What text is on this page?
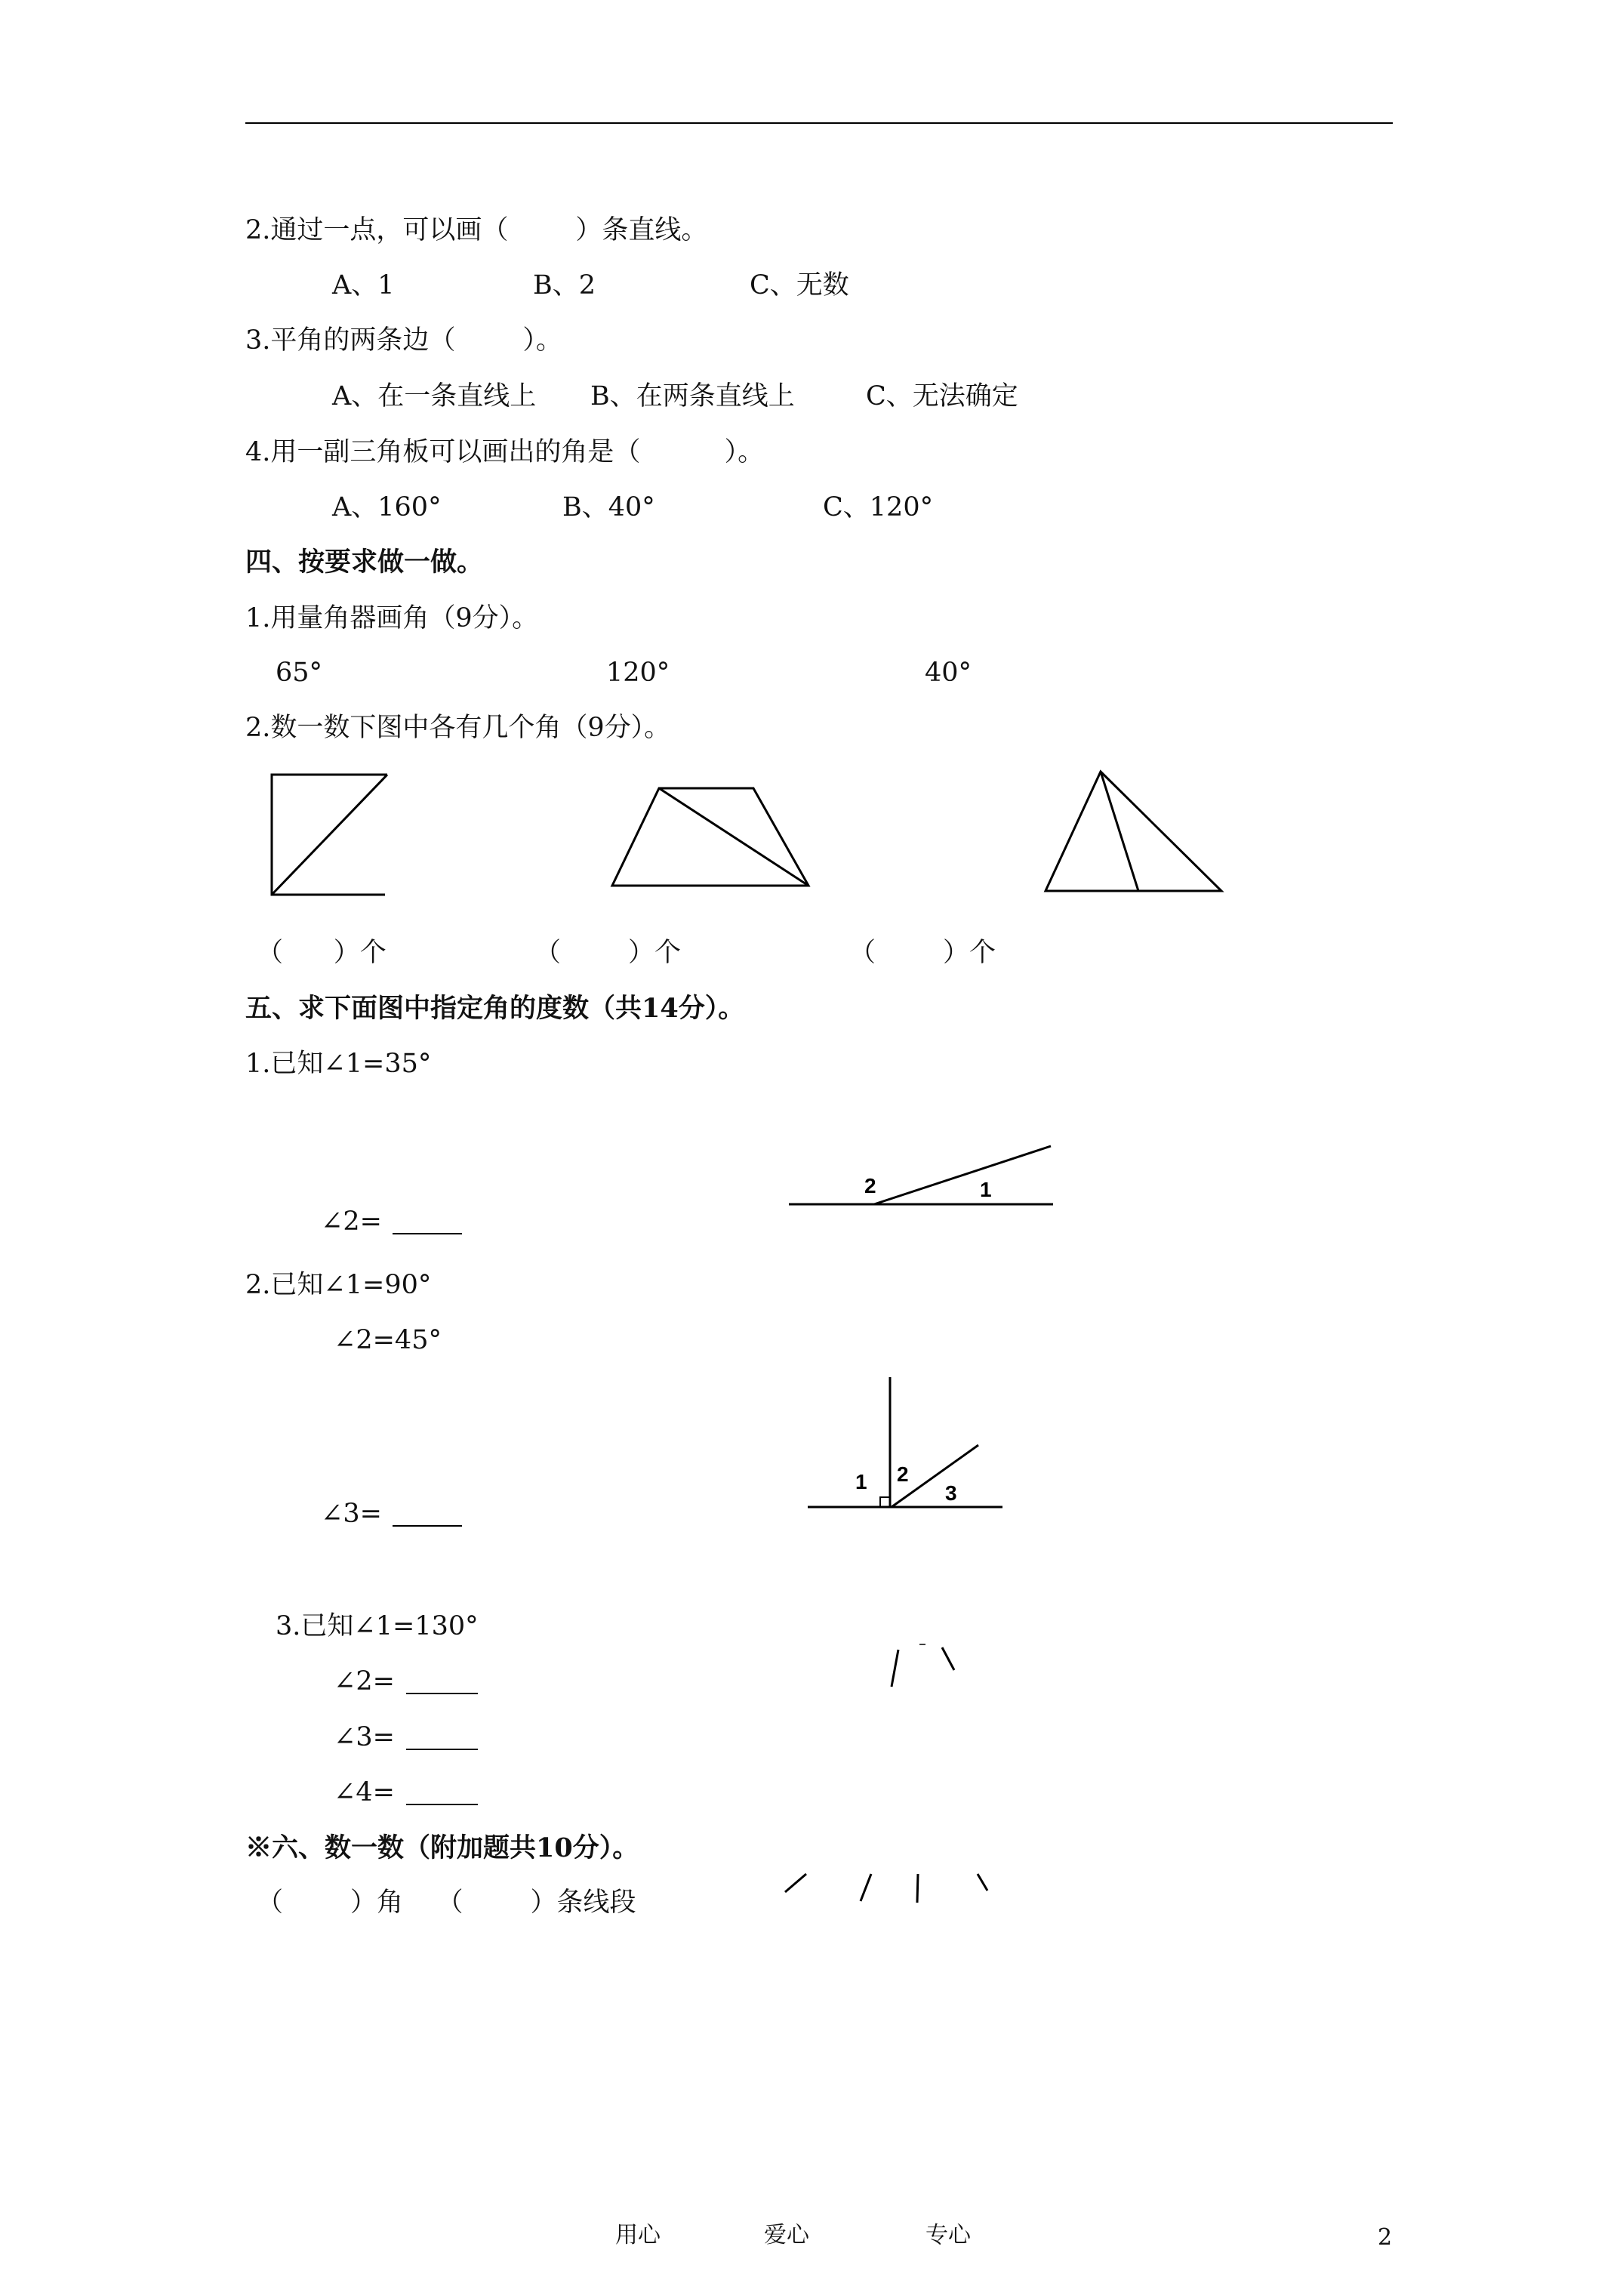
2.通过一点，可以画（        ）条直线。
A、1	B、2	C、无数
3.平角的两条边（        ）。
A、在一条直线上 B、在两条直线上	C、无法确定
4.用一副三角板可以画出的角是（          ）。
A、160°	B、40°	C、120°
四、按要求做一做。
1.用量角器画角（9分）。
65°	120°	40°
2.数一数下图中各有几个角（9分）。
（      ）个	（        ）个	（        ）个
五、求下面图中指定角的度数（共14分）。
1.已知∠1=35°
∠2=
2	1
2.已知∠1=90°
∠2=45°
∠3=
1 2
3
3.已知∠1=130°
∠2=
∠3=
∠4=
※六、数一数（附加题共10分）。
（        ）角    （        ）条线段
用心	爱心	专心	2
